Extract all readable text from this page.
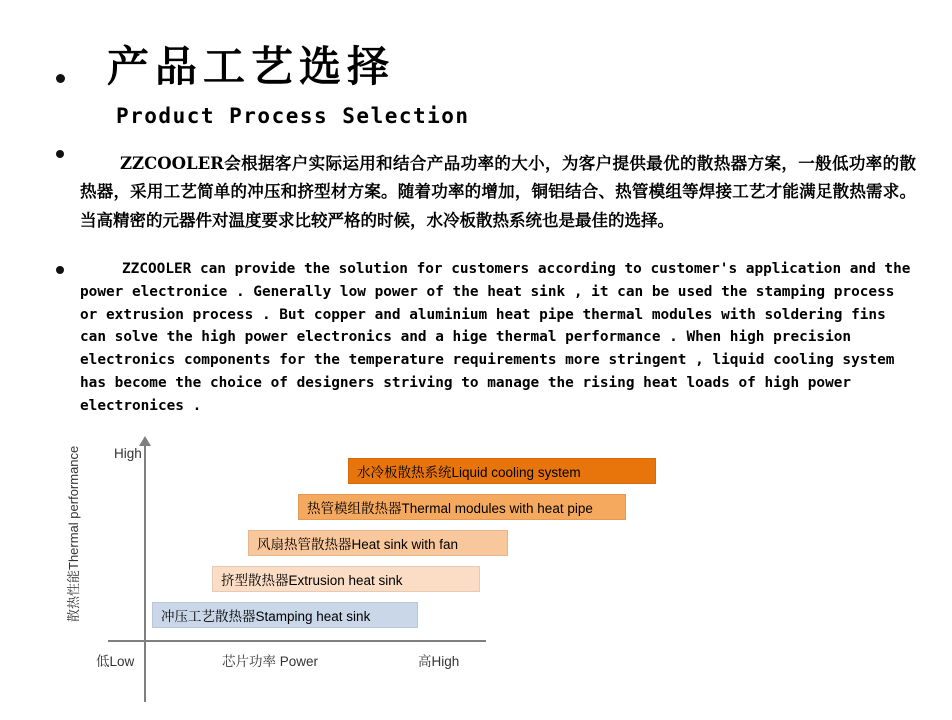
产品工艺选择
Product Process Selection
ZZCOOLER会根据客户实际运用和结合产品功率的大小，为客户提供最优的散热器方案，一般低功率的散热器，采用工艺简单的冲压和挤型材方案。随着功率的增加，铜铝结合、热管模组等焊接工艺才能满足散热需求。当高精密的元器件对温度要求比较严格的时候，水冷板散热系统也是最佳的选择。
ZZCOOLER can provide the solution for customers according to customer's application and the power electronice . Generally low power of the heat sink , it can be used the stamping process or extrusion process . But copper and aluminium heat pipe thermal modules with soldering fins can solve the high power electronics and a hige thermal performance . When high precision electronics components for the temperature requirements more stringent , liquid cooling system has become the choice of designers striving to manage the rising heat loads of high power electronices .
High
散热性能Thermal performance
低Low	芯片功率 Power	高High
冲压工艺散热器Stamping heat sink
挤型散热器Extrusion heat sink
风扇热管散热器Heat sink with fan
热管模组散热器Thermal modules with heat pipe
水冷板散热系统Liquid cooling system
